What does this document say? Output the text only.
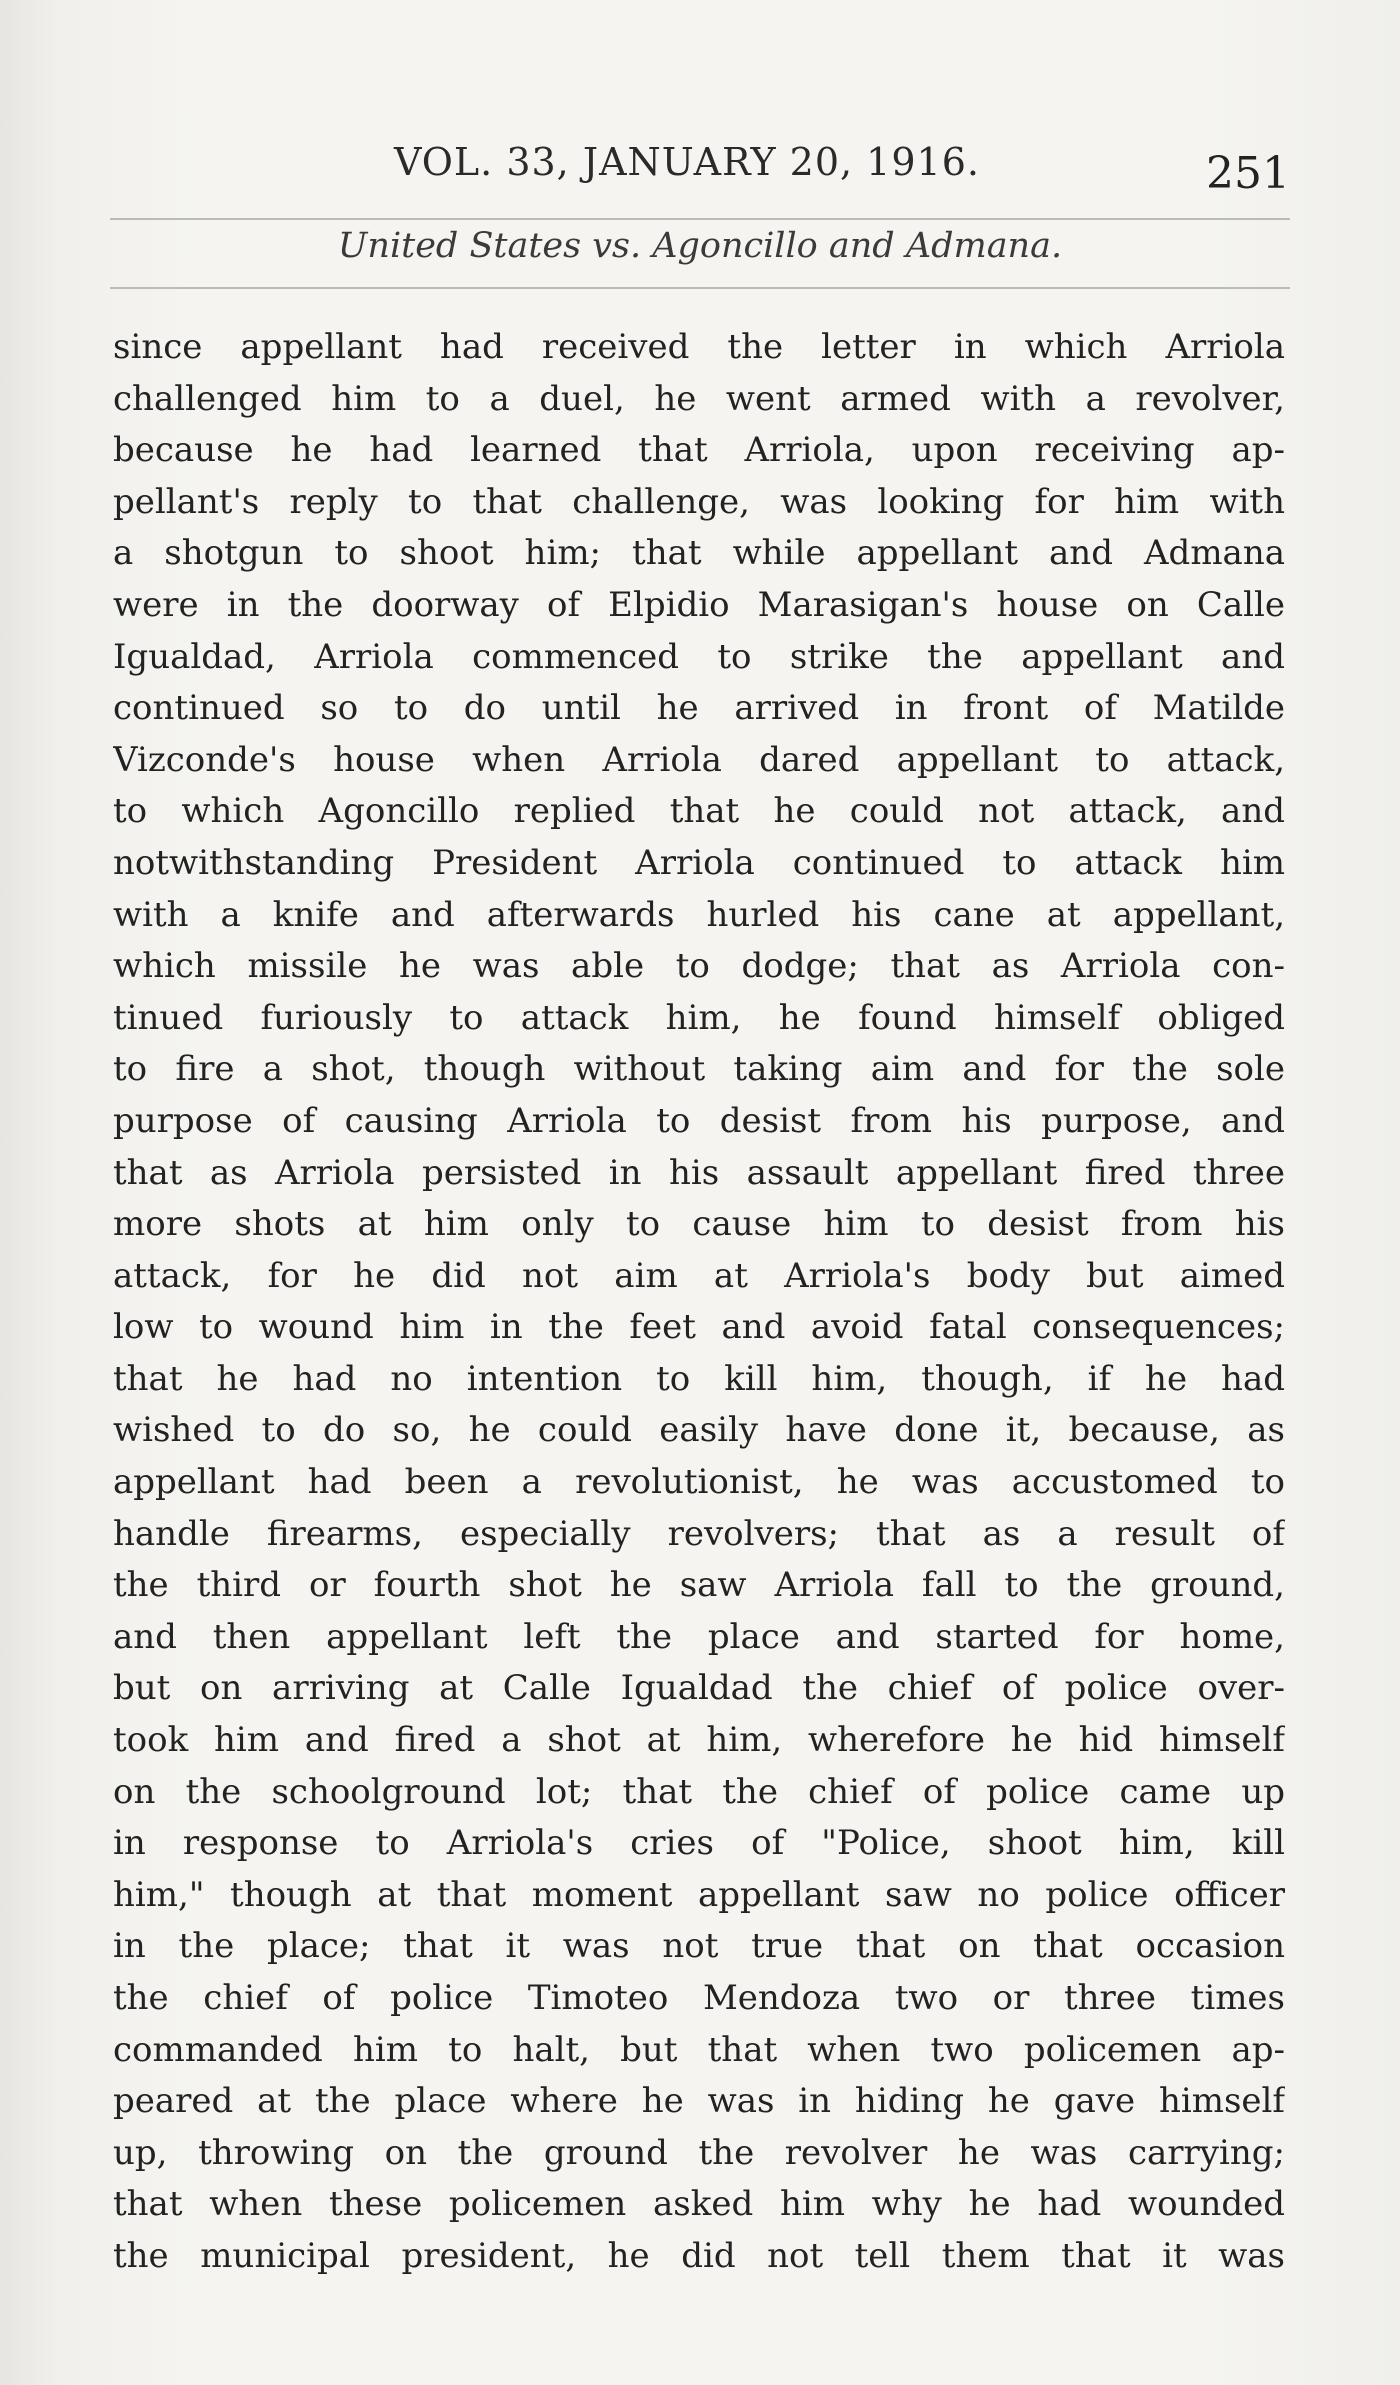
VOL. 33, JANUARY 20, 1916.	251
United States vs. Agoncillo and Admana.
since appellant had received the letter in which Arriola
challenged him to a duel, he went armed with a revolver,
because he had learned that Arriola, upon receiving ap-
pellant's reply to that challenge, was looking for him with
a shotgun to shoot him; that while appellant and Admana
were in the doorway of Elpidio Marasigan's house on Calle
Igualdad, Arriola commenced to strike the appellant and
continued so to do until he arrived in front of Matilde
Vizconde's house when Arriola dared appellant to attack,
to which Agoncillo replied that he could not attack, and
notwithstanding President Arriola continued to attack him
with a knife and afterwards hurled his cane at appellant,
which missile he was able to dodge; that as Arriola con-
tinued furiously to attack him, he found himself obliged
to fire a shot, though without taking aim and for the sole
purpose of causing Arriola to desist from his purpose, and
that as Arriola persisted in his assault appellant fired three
more shots at him only to cause him to desist from his
attack, for he did not aim at Arriola's body but aimed
low to wound him in the feet and avoid fatal consequences;
that he had no intention to kill him, though, if he had
wished to do so, he could easily have done it, because, as
appellant had been a revolutionist, he was accustomed to
handle firearms, especially revolvers; that as a result of
the third or fourth shot he saw Arriola fall to the ground,
and then appellant left the place and started for home,
but on arriving at Calle Igualdad the chief of police over-
took him and fired a shot at him, wherefore he hid himself
on the schoolground lot; that the chief of police came up
in response to Arriola's cries of "Police, shoot him, kill
him," though at that moment appellant saw no police officer
in the place; that it was not true that on that occasion
the chief of police Timoteo Mendoza two or three times
commanded him to halt, but that when two policemen ap-
peared at the place where he was in hiding he gave himself
up, throwing on the ground the revolver he was carrying;
that when these policemen asked him why he had wounded
the municipal president, he did not tell them that it was
